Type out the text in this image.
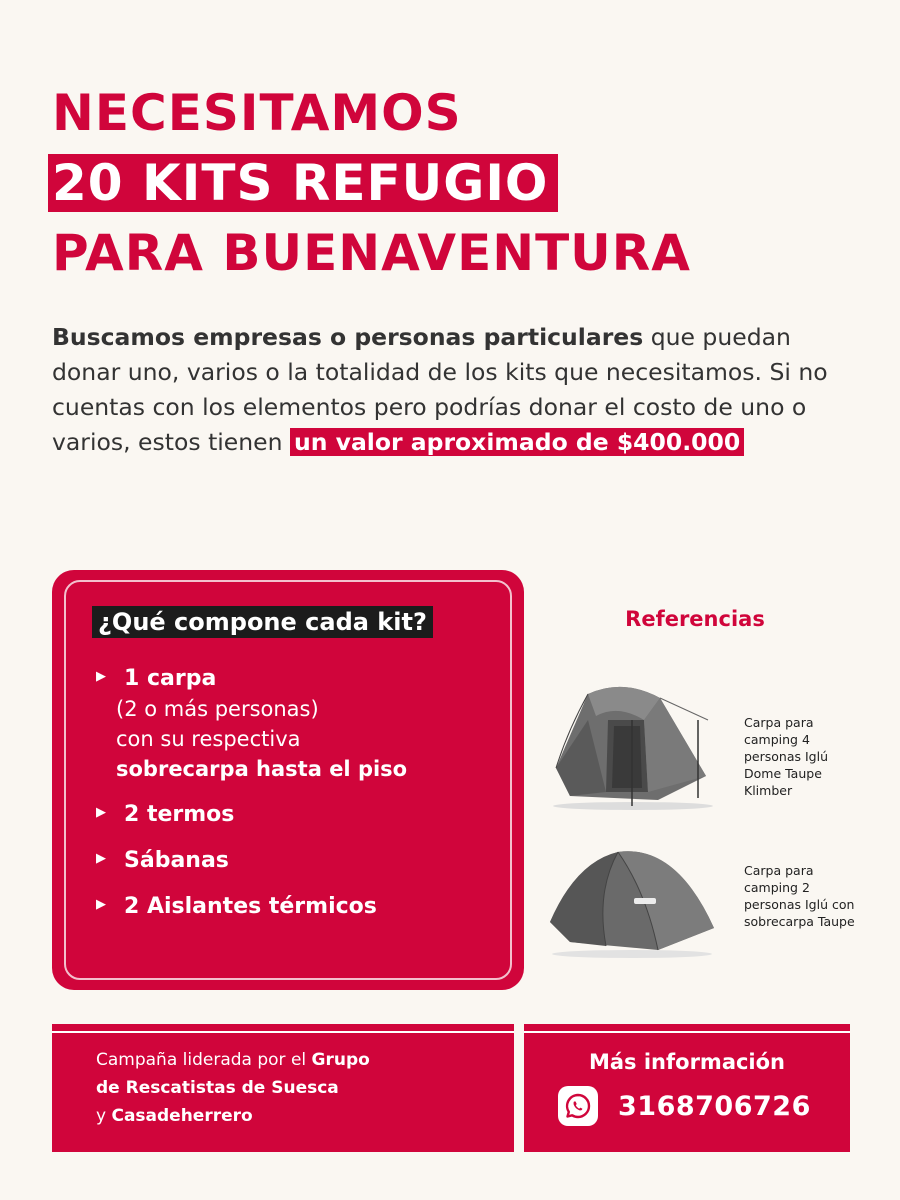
NECESITAMOS
20 KITS REFUGIO
PARA BUENAVENTURA
Buscamos empresas o personas particulares que puedan donar uno, varios o la totalidad de los kits que necesitamos. Si no cuentas con los elementos pero podrías donar el costo de uno o varios, estos tienen un valor aproximado de $400.000
¿Qué compone cada kit?
▶ 1 carpa
(2 o más personas)
con su respectiva
sobrecarpa hasta el piso
▶ 2 termos
▶ Sábanas
▶ 2 Aislantes térmicos
Referencias
Carpa para camping 4 personas Iglú Dome Taupe Klimber
Carpa para camping 2 personas Iglú con sobrecarpa Taupe
Campaña liderada por el Grupo
de Rescatistas de Suesca
y Casadeherrero
Más información
3168706726
